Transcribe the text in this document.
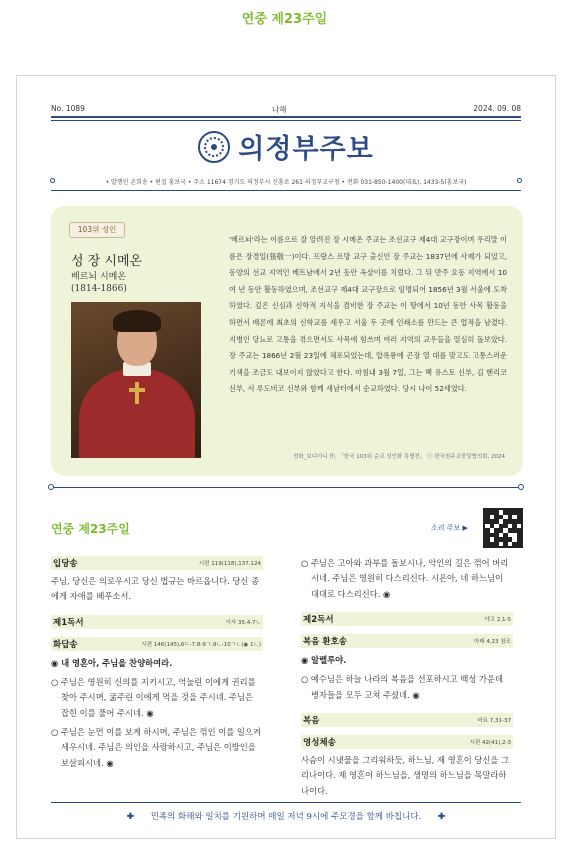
연중 제23주일
No. 1089	나해	2024. 09. 08
의정부주보
• 발행인 손희송 • 편집 홍보국 • 주소 11674 경기도 의정부시 신흥로 261 의정부교구청 • 전화 031-850-1400(대표), 1433-5(홍보국)
103위 성인
성 장 시메온
베르뇌 시메온
(1814-1866)
'베르뇌'라는 이름으로 잘 알려진 장 시메온 주교는 조선교구 제4대 교구장이며 우리말 이름은 장경일(張敬一)이다. 프랑스 르망 교구 출신인 장 주교는 1837년에 사제가 되었고, 동양의 선교 지역인 베트남에서 2년 동안 옥살이를 치렀다. 그 뒤 만주 요동 지역에서 10여 년 동안 활동하였으며, 조선교구 제4대 교구장으로 임명되어 1856년 3월 서울에 도착하였다. 깊은 신심과 신학적 지식을 겸비한 장 주교는 이 땅에서 10년 동안 사목 활동을 하면서 배론에 최초의 신학교를 세우고 서울 두 곳에 인쇄소를 만드는 큰 업적을 남겼다. 지병인 당뇨로 고통을 겪으면서도 사목에 힘쓰며 여러 지역의 교우들을 열심히 돌보았다. 장 주교는 1866년 2월 23일에 체포되었는데, 압록룡에 곤장 열 대를 맞고도 고통스러운 기색을 조금도 내보이지 않았다고 한다. 마침내 3월 7일, 그는 백 유스토 신부, 김 헨리코 신부, 서 루도비코 신부와 함께 새남터에서 순교하였다. 당시 나이 52세였다.
성화_보디아니 作, 「한국 103위 순교 성인화 특별전」 ⓒ 한국천주교중앙협의회, 2024
연중 제23주일	소리 주보 ▶
입당송	시편 119(118),137.124
주님, 당신은 의로우시고 당신 법규는 바르옵니다. 당신 종에게 자애를 베푸소서.
제1독서	이사 35,4-7ㄴ
화답송	시편 146(145),6ㄷ-7.8-9ㄱ.9ㄴ-10ㄱㄴ(◉ 1ㄴ)
◉ 내 영혼아, 주님을 찬양하여라.
○ 주님은 영원히 신의를 지키시고, 억눌린 이에게 권리를 찾아 주시며, 굶주린 이에게 먹을 것을 주시네. 주님은 잡힌 이를 풀어 주시네. ◉
○ 주님은 눈먼 이를 보게 하시며, 주님은 꺾인 이를 일으켜 세우시네. 주님은 의인을 사랑하시고, 주님은 이방인을 보살피시네. ◉
○ 주님은 고아와 과부를 돌보시나, 악인의 길은 꺾어 버리시네. 주님은 영원히 다스리신다. 시온아, 네 하느님이 대대로 다스리신다. ◉
제2독서	야고 2,1-5
복음 환호송	마태 4,23 참조
◉ 알렐루야.
○ 예수님은 하늘 나라의 복음을 선포하시고 백성 가운데 병자들을 모두 고쳐 주셨네. ◉
복음	마르 7,31-37
영성체송	시편 42(41),2-3
사슴이 시냇물을 그리워하듯, 하느님, 제 영혼이 당신을 그리나이다. 제 영혼이 하느님을, 생명의 하느님을 목말라하나이다.
✚ 민족의 화해와 일치를 기원하며 매일 저녁 9시에 주모경을 함께 바칩니다. ✚
